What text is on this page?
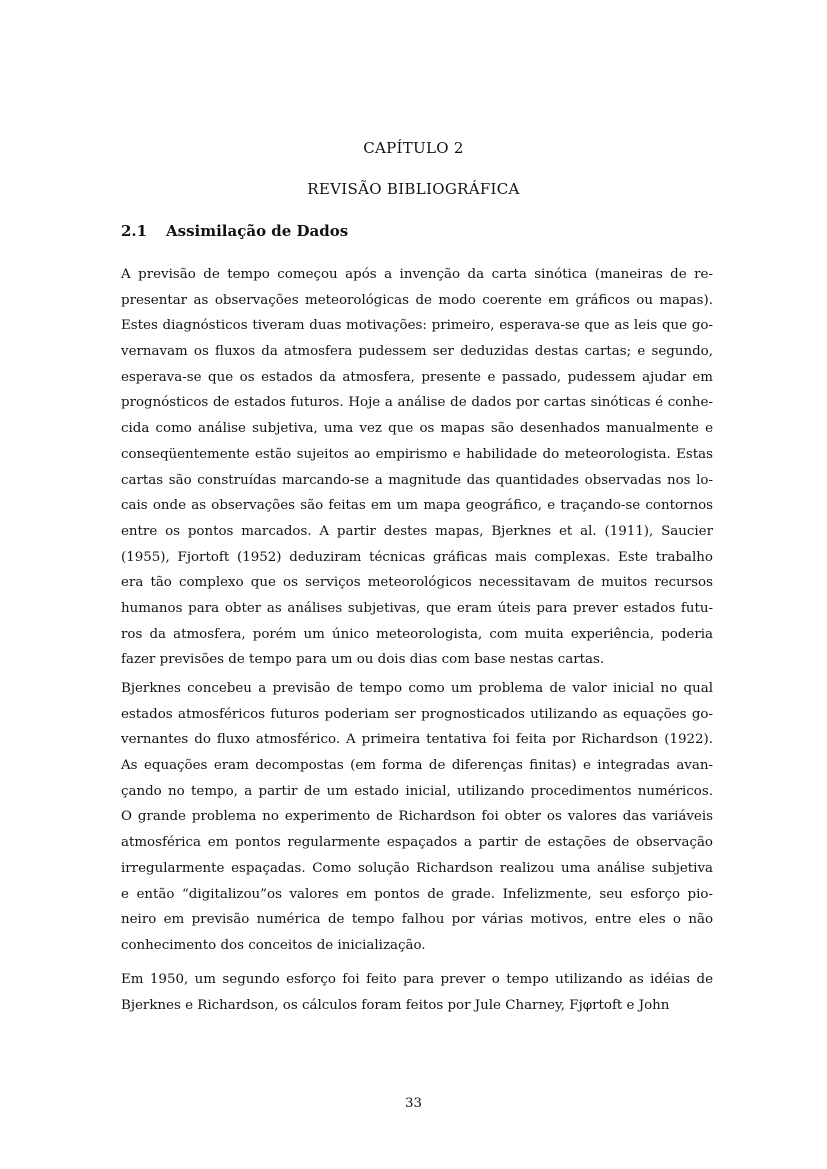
CAPÍTULO 2
REVISÃO BIBLIOGRÁFICA
2.1 Assimilação de Dados
A previsão de tempo começou após a invenção da carta sinótica (maneiras de re-
presentar as observações meteorológicas de modo coerente em gráficos ou mapas).
Estes diagnósticos tiveram duas motivações: primeiro, esperava-se que as leis que go-
vernavam os fluxos da atmosfera pudessem ser deduzidas destas cartas; e segundo,
esperava-se que os estados da atmosfera, presente e passado, pudessem ajudar em
prognósticos de estados futuros. Hoje a análise de dados por cartas sinóticas é conhe-
cida como análise subjetiva, uma vez que os mapas são desenhados manualmente e
conseqüentemente estão sujeitos ao empirismo e habilidade do meteorologista. Estas
cartas são construídas marcando-se a magnitude das quantidades observadas nos lo-
cais onde as observações são feitas em um mapa geográfico, e traçando-se contornos
entre os pontos marcados. A partir destes mapas, Bjerknes et al. (1911), Saucier
(1955), Fjortoft (1952) deduziram técnicas gráficas mais complexas. Este trabalho
era tão complexo que os serviços meteorológicos necessitavam de muitos recursos
humanos para obter as análises subjetivas, que eram úteis para prever estados futu-
ros da atmosfera, porém um único meteorologista, com muita experiência, poderia
fazer previsões de tempo para um ou dois dias com base nestas cartas.
Bjerknes concebeu a previsão de tempo como um problema de valor inicial no qual
estados atmosféricos futuros poderiam ser prognosticados utilizando as equações go-
vernantes do fluxo atmosférico. A primeira tentativa foi feita por Richardson (1922).
As equações eram decompostas (em forma de diferenças finitas) e integradas avan-
çando no tempo, a partir de um estado inicial, utilizando procedimentos numéricos.
O grande problema no experimento de Richardson foi obter os valores das variáveis
atmosférica em pontos regularmente espaçados a partir de estações de observação
irregularmente espaçadas. Como solução Richardson realizou uma análise subjetiva
e então “digitalizou”os valores em pontos de grade. Infelizmente, seu esforço pio-
neiro em previsão numérica de tempo falhou por várias motivos, entre eles o não
conhecimento dos conceitos de inicialização.
Em 1950, um segundo esforço foi feito para prever o tempo utilizando as idéias de
Bjerknes e Richardson, os cálculos foram feitos por Jule Charney, Fjφrtoft e John
33
